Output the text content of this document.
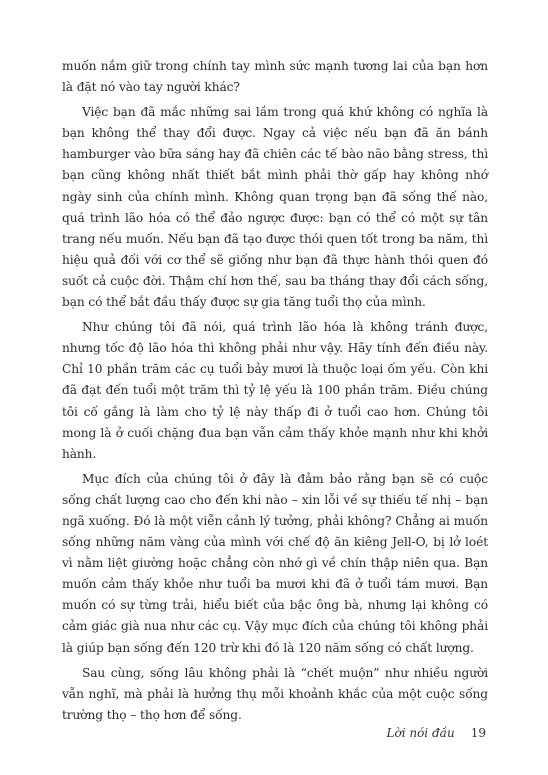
muốn nắm giữ trong chính tay mình sức mạnh tương lai của bạn hơn là đặt nó vào tay người khác?

Việc bạn đã mắc những sai lầm trong quá khứ không có nghĩa là bạn không thể thay đổi được. Ngay cả việc nếu bạn đã ăn bánh hamburger vào bữa sáng hay đã chiên các tế bào não bằng stress, thì bạn cũng không nhất thiết bắt mình phải thờ gấp hay không nhớ ngày sinh của chính mình. Không quan trọng bạn đã sống thế nào, quá trình lão hóa có thể đảo ngược được: bạn có thể có một sự tân trang nếu muốn. Nếu bạn đã tạo được thói quen tốt trong ba năm, thì hiệu quả đối với cơ thể sẽ giống như bạn đã thực hành thói quen đó suốt cả cuộc đời. Thậm chí hơn thế, sau ba tháng thay đổi cách sống, bạn có thể bắt đầu thấy được sự gia tăng tuổi thọ của mình.

Như chúng tôi đã nói, quá trình lão hóa là không tránh được, nhưng tốc độ lão hóa thì không phải như vậy. Hãy tính đến điều này. Chỉ 10 phần trăm các cụ tuổi bảy mươi là thuộc loại ốm yếu. Còn khi đã đạt đến tuổi một trăm thì tỷ lệ yếu là 100 phần trăm. Điều chúng tôi cố gắng là làm cho tỷ lệ này thấp đi ở tuổi cao hơn. Chúng tôi mong là ở cuối chặng đua bạn vẫn cảm thấy khỏe mạnh như khi khởi hành.

Mục đích của chúng tôi ở đây là đảm bảo rằng bạn sẽ có cuộc sống chất lượng cao cho đến khi nào – xin lỗi về sự thiếu tế nhị – bạn ngã xuống. Đó là một viễn cảnh lý tưởng, phải không? Chẳng ai muốn sống những năm vàng của mình với chế độ ăn kiêng Jell-O, bị lở loét vì nằm liệt giường hoặc chẳng còn nhớ gì về chín thập niên qua. Bạn muốn cảm thấy khỏe như tuổi ba mươi khi đã ở tuổi tám mươi. Bạn muốn có sự từng trải, hiểu biết của bậc ông bà, nhưng lại không có cảm giác già nua như các cụ. Vậy mục đích của chúng tôi không phải là giúp bạn sống đến 120 trừ khi đó là 120 năm sống có chất lượng.

Sau cùng, sống lâu không phải là “chết muộn” như nhiều người vẫn nghĩ, mà phải là hưởng thụ mỗi khoảnh khắc của một cuộc sống trường thọ – thọ hơn để sống.

Lời nói đầu 19
